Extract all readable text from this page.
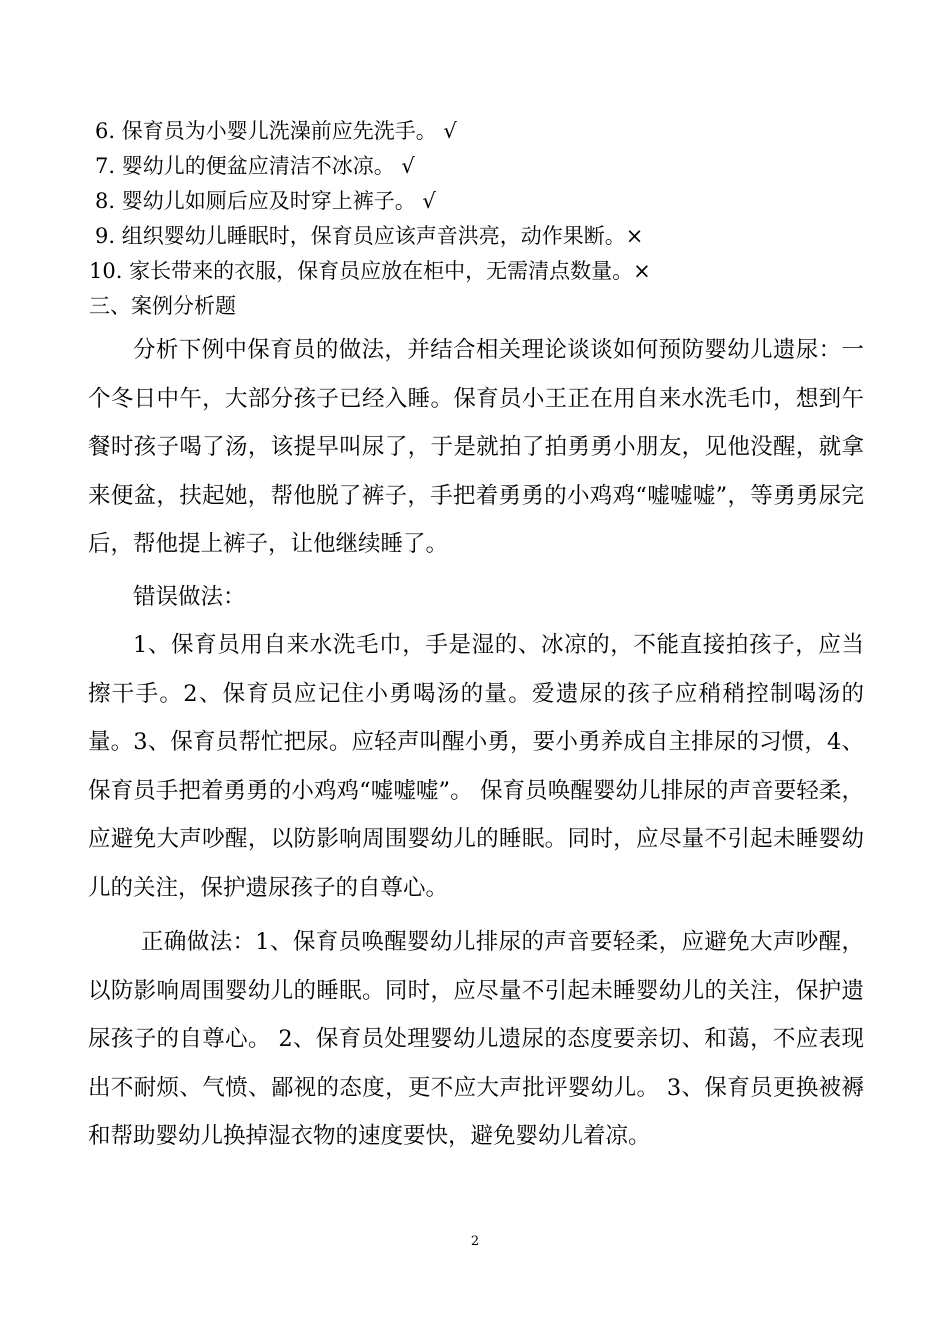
6. 保育员为小婴儿洗澡前应先洗手。 √
7. 婴幼儿的便盆应清洁不冰凉。 √
8. 婴幼儿如厕后应及时穿上裤子。 √
9. 组织婴幼儿睡眠时，保育员应该声音洪亮，动作果断。×
10. 家长带来的衣服，保育员应放在柜中，无需清点数量。×
三、案例分析题

分析下例中保育员的做法，并结合相关理论谈谈如何预防婴幼儿遗尿：一个冬日中午，大部分孩子已经入睡。保育员小王正在用自来水洗毛巾，想到午餐时孩子喝了汤，该提早叫尿了，于是就拍了拍勇勇小朋友，见他没醒，就拿来便盆，扶起她，帮他脱了裤子，手把着勇勇的小鸡鸡“嘘嘘嘘”，等勇勇尿完后，帮他提上裤子，让他继续睡了。

错误做法：

1、保育员用自来水洗毛巾，手是湿的、冰凉的，不能直接拍孩子，应当擦干手。2、保育员应记住小勇喝汤的量。爱遗尿的孩子应稍稍控制喝汤的量。3、保育员帮忙把尿。应轻声叫醒小勇，要小勇养成自主排尿的习惯，4、保育员手把着勇勇的小鸡鸡“嘘嘘嘘”。 保育员唤醒婴幼儿排尿的声音要轻柔，应避免大声吵醒，以防影响周围婴幼儿的睡眠。同时，应尽量不引起未睡婴幼儿的关注，保护遗尿孩子的自尊心。

正确做法：1、保育员唤醒婴幼儿排尿的声音要轻柔，应避免大声吵醒，以防影响周围婴幼儿的睡眠。同时，应尽量不引起未睡婴幼儿的关注，保护遗尿孩子的自尊心。 2、保育员处理婴幼儿遗尿的态度要亲切、和蔼，不应表现出不耐烦、气愤、鄙视的态度，更不应大声批评婴幼儿。 3、保育员更换被褥和帮助婴幼儿换掉湿衣物的速度要快，避免婴幼儿着凉。

2
